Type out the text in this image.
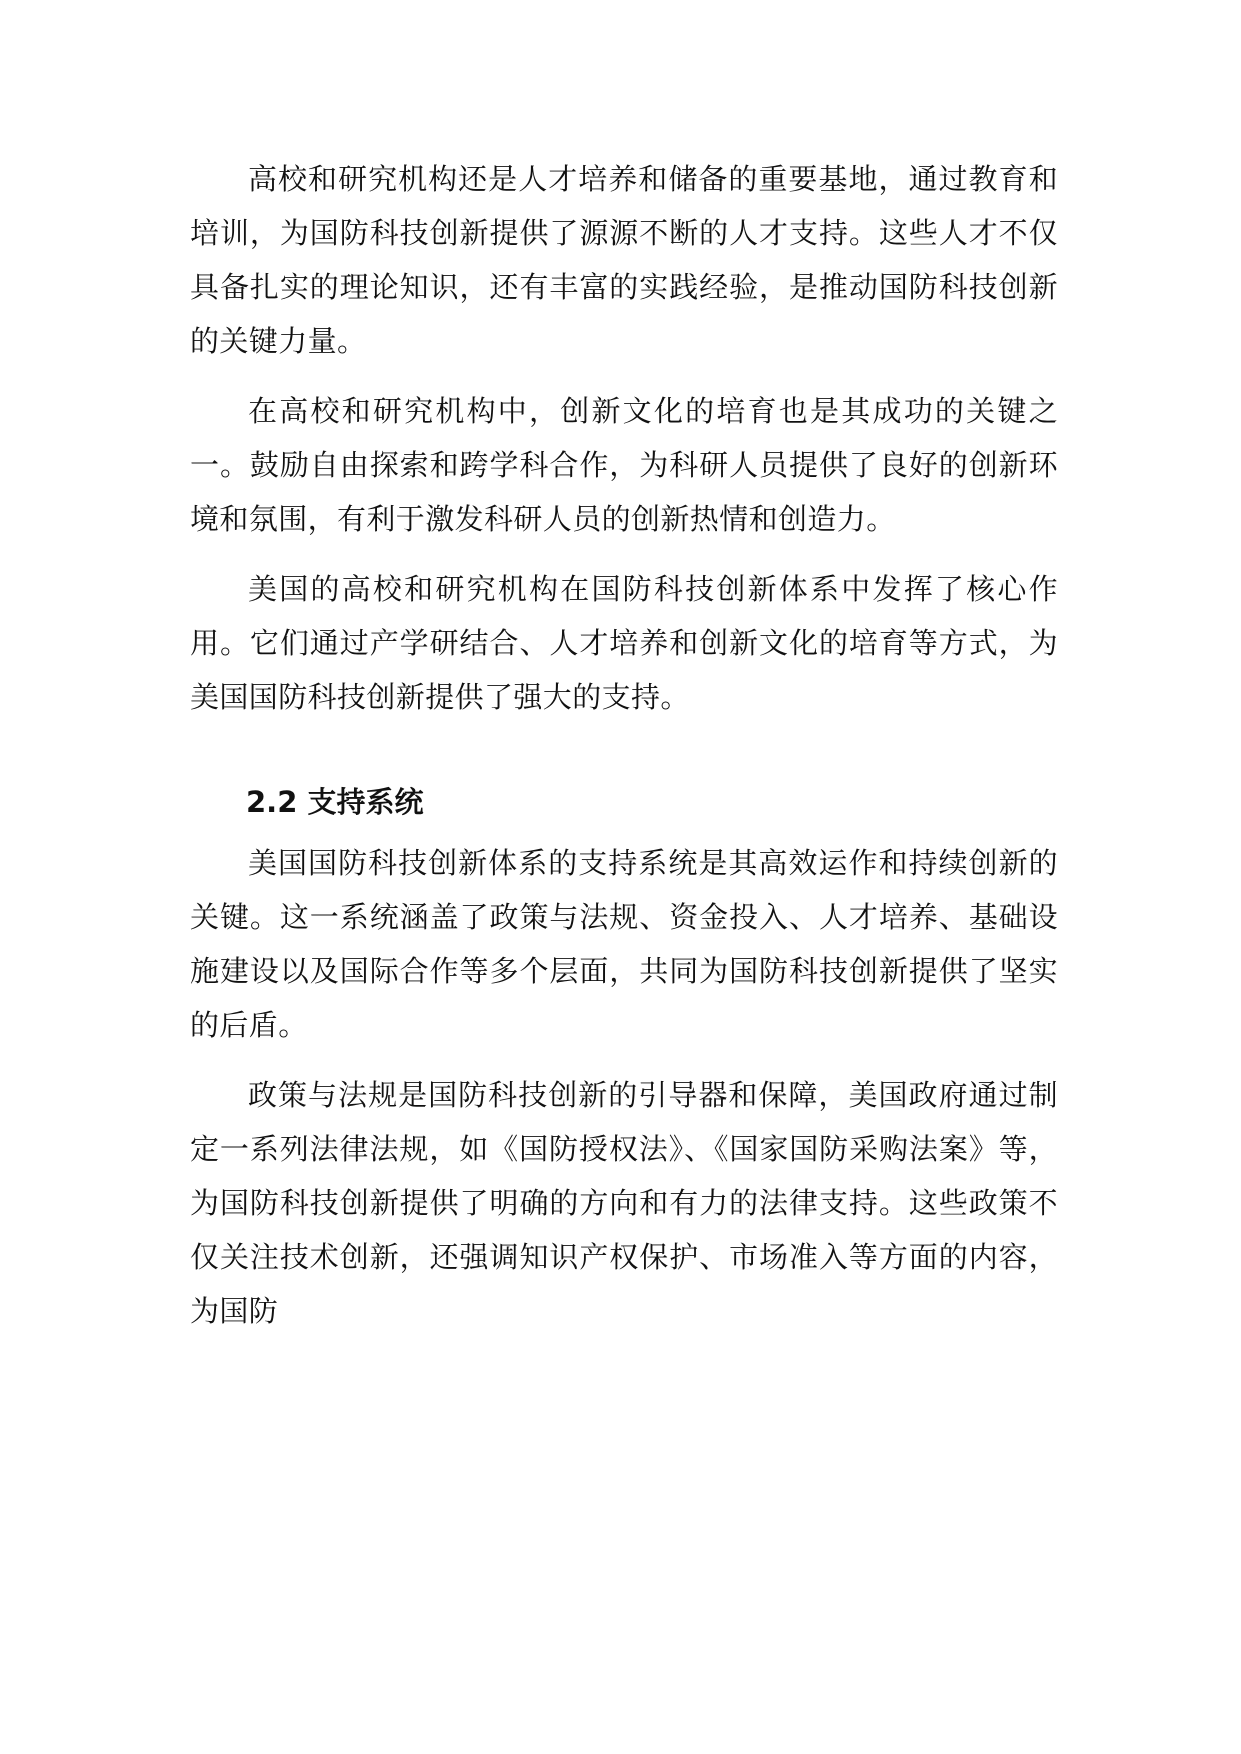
高校和研究机构还是人才培养和储备的重要基地，通过教育和培训，为国防科技创新提供了源源不断的人才支持。这些人才不仅具备扎实的理论知识，还有丰富的实践经验，是推动国防科技创新的关键力量。

在高校和研究机构中，创新文化的培育也是其成功的关键之一。鼓励自由探索和跨学科合作，为科研人员提供了良好的创新环境和氛围，有利于激发科研人员的创新热情和创造力。

美国的高校和研究机构在国防科技创新体系中发挥了核心作用。它们通过产学研结合、人才培养和创新文化的培育等方式，为美国国防科技创新提供了强大的支持。

2.2 支持系统

美国国防科技创新体系的支持系统是其高效运作和持续创新的关键。这一系统涵盖了政策与法规、资金投入、人才培养、基础设施建设以及国际合作等多个层面，共同为国防科技创新提供了坚实的后盾。

政策与法规是国防科技创新的引导器和保障，美国政府通过制定一系列法律法规，如《国防授权法》、《国家国防采购法案》等，为国防科技创新提供了明确的方向和有力的法律支持。这些政策不仅关注技术创新，还强调知识产权保护、市场准入等方面的内容，为国防
